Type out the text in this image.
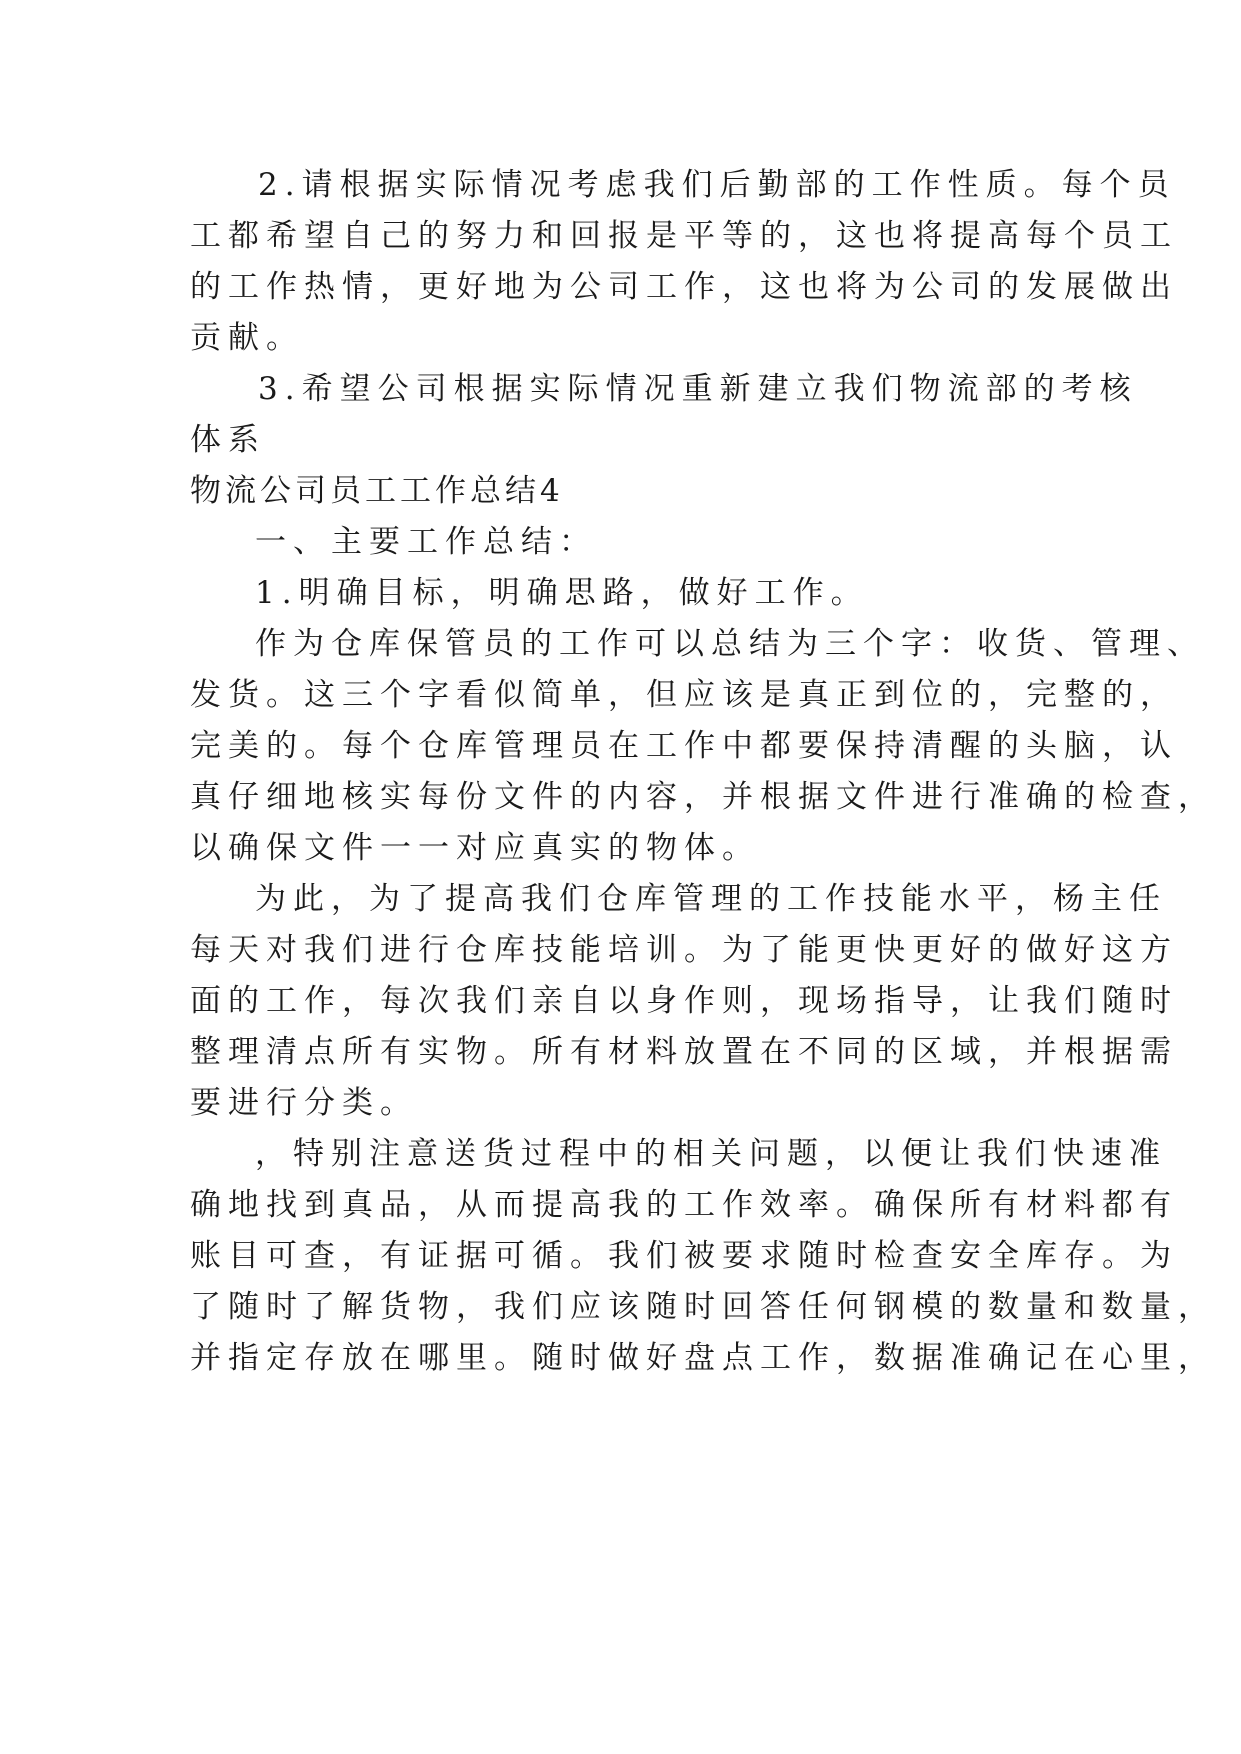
2.请根据实际情况考虑我们后勤部的工作性质。每个员
工都希望自己的努力和回报是平等的，这也将提高每个员工
的工作热情，更好地为公司工作，这也将为公司的发展做出
贡献。
3.希望公司根据实际情况重新建立我们物流部的考核
体系
物流公司员工工作总结4
一、主要工作总结：
1.明确目标，明确思路，做好工作。
作为仓库保管员的工作可以总结为三个字：收货、管理、
发货。这三个字看似简单，但应该是真正到位的，完整的，
完美的。每个仓库管理员在工作中都要保持清醒的头脑，认
真仔细地核实每份文件的内容，并根据文件进行准确的检查，
以确保文件一一对应真实的物体。
为此，为了提高我们仓库管理的工作技能水平，杨主任
每天对我们进行仓库技能培训。为了能更快更好的做好这方
面的工作，每次我们亲自以身作则，现场指导，让我们随时
整理清点所有实物。所有材料放置在不同的区域，并根据需
要进行分类。
，特别注意送货过程中的相关问题，以便让我们快速准
确地找到真品，从而提高我的工作效率。确保所有材料都有
账目可查，有证据可循。我们被要求随时检查安全库存。为
了随时了解货物，我们应该随时回答任何钢模的数量和数量，
并指定存放在哪里。随时做好盘点工作，数据准确记在心里，
